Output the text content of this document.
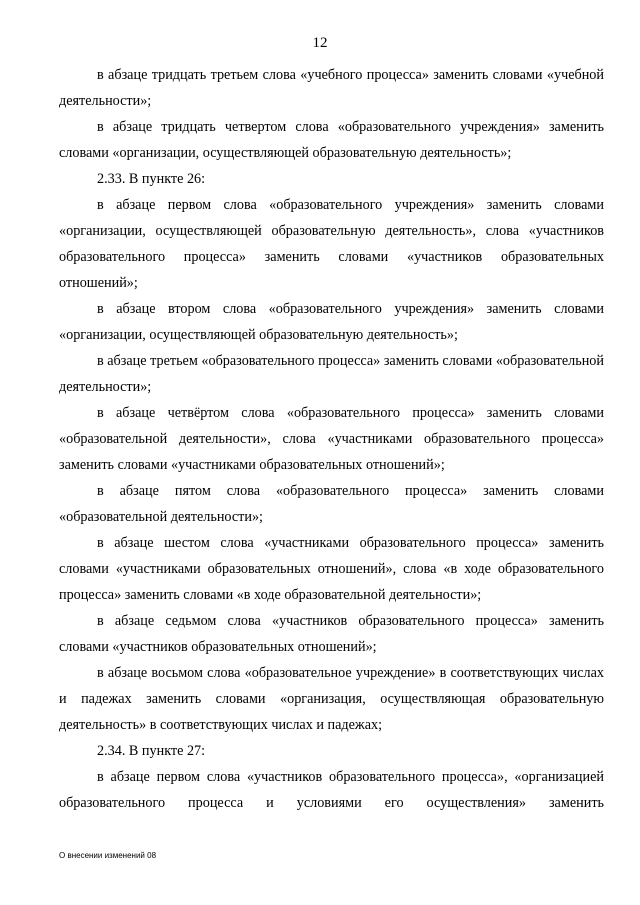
12

в абзаце тридцать третьем слова «учебного процесса» заменить словами «учебной деятельности»;

в абзаце тридцать четвертом слова «образовательного учреждения» заменить словами «организации, осуществляющей образовательную деятельность»;

2.33. В пункте 26:

в абзаце первом слова «образовательного учреждения» заменить словами «организации, осуществляющей образовательную деятельность», слова «участников образовательного процесса» заменить словами «участников образовательных отношений»;

в абзаце втором слова «образовательного учреждения» заменить словами «организации, осуществляющей образовательную деятельность»;

в абзаце третьем «образовательного процесса» заменить словами «образовательной деятельности»;

в абзаце четвёртом слова «образовательного процесса» заменить словами «образовательной деятельности», слова «участниками образовательного процесса» заменить словами «участниками образовательных отношений»;

в абзаце пятом слова «образовательного процесса» заменить словами «образовательной деятельности»;

в абзаце шестом слова «участниками образовательного процесса» заменить словами «участниками образовательных отношений», слова «в ходе образовательного процесса» заменить словами «в ходе образовательной деятельности»;

в абзаце седьмом слова «участников образовательного процесса» заменить словами «участников образовательных отношений»;

в абзаце восьмом слова «образовательное учреждение» в соответствующих числах и падежах заменить словами «организация, осуществляющая образовательную деятельность» в соответствующих числах и падежах;

2.34. В пункте 27:

в абзаце первом слова «участников образовательного процесса», «организацией образовательного процесса и условиями его осуществления» заменить

О внесении изменений 08
